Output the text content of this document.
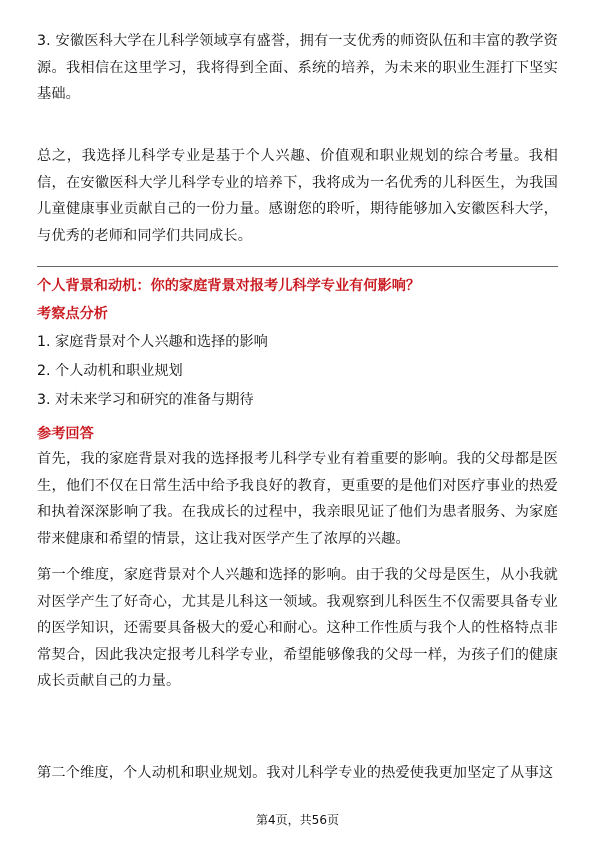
3. 安徽医科大学在儿科学领域享有盛誉，拥有一支优秀的师资队伍和丰富的教学资源。我相信在这里学习，我将得到全面、系统的培养，为未来的职业生涯打下坚实基础。

总之，我选择儿科学专业是基于个人兴趣、价值观和职业规划的综合考量。我相信，在安徽医科大学儿科学专业的培养下，我将成为一名优秀的儿科医生，为我国儿童健康事业贡献自己的一份力量。感谢您的聆听，期待能够加入安徽医科大学，与优秀的老师和同学们共同成长。

个人背景和动机：你的家庭背景对报考儿科学专业有何影响？

考察点分析

1. 家庭背景对个人兴趣和选择的影响

2. 个人动机和职业规划

3. 对未来学习和研究的准备与期待

参考回答

首先，我的家庭背景对我的选择报考儿科学专业有着重要的影响。我的父母都是医生，他们不仅在日常生活中给予我良好的教育，更重要的是他们对医疗事业的热爱和执着深深影响了我。在我成长的过程中，我亲眼见证了他们为患者服务、为家庭带来健康和希望的情景，这让我对医学产生了浓厚的兴趣。

第一个维度，家庭背景对个人兴趣和选择的影响。由于我的父母是医生，从小我就对医学产生了好奇心，尤其是儿科这一领域。我观察到儿科医生不仅需要具备专业的医学知识，还需要具备极大的爱心和耐心。这种工作性质与我个人的性格特点非常契合，因此我决定报考儿科学专业，希望能够像我的父母一样，为孩子们的健康成长贡献自己的力量。

第二个维度，个人动机和职业规划。我对儿科学专业的热爱使我更加坚定了从事这

第4页，共56页
